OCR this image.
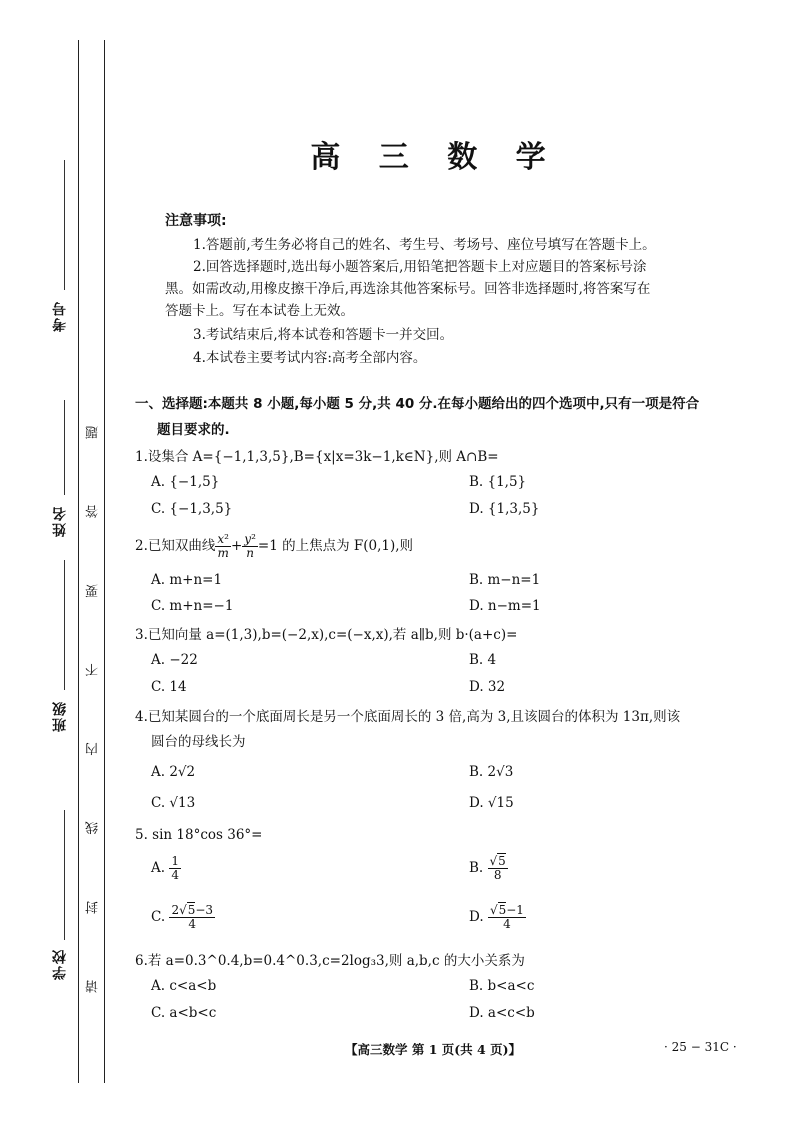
考号
姓名
班级
学校 请 封 线 内 不 要 答 题
高 三 数 学
注意事项:
1.答题前,考生务必将自己的姓名、考生号、考场号、座位号填写在答题卡上。
2.回答选择题时,选出每小题答案后,用铅笔把答题卡上对应题目的答案标号涂
黑。如需改动,用橡皮擦干净后,再选涂其他答案标号。回答非选择题时,将答案写在
答题卡上。写在本试卷上无效。
3.考试结束后,将本试卷和答题卡一并交回。
4.本试卷主要考试内容:高考全部内容。
一、选择题:本题共 8 小题,每小题 5 分,共 40 分.在每小题给出的四个选项中,只有一项是符合
题目要求的.
1.设集合 A={−1,1,3,5},B={x|x=3k−1,k∈N},则 A∩B=
A. {−1,5}	B. {1,5}
C. {−1,3,5}	D. {1,3,5}
2.已知双曲线 $\frac{\text{x²}}{m} + \frac{\text{y²}}{n} =1$ 的上焦点为 F(0,1),则
A. m+n=1	B. m−n=1
C. m+n=−1	D. n−m=1
3.已知向量 a=(1,3),b=(−2,x),c=(−x,x),若 a∥b,则 b·(a+c)=
A. −22	B. 4
C. 14	D. 32
4.已知某圆台的一个底面周长是另一个底面周长的 3 倍,高为 3,且该圆台的体积为 13π,则该
圆台的母线长为
A. 2√2	B. 2√3
C. √13	D. √15
5. sin 18°cos 36°=
A. $\frac{1}{4}$	B. $\frac{√5}{8}$
C. $\frac{2√5-3}{4}$	D. $\frac{√5-1}{4}$
6.若 a=0.3^0.4,b=0.4^0.3,c=2log₃3,则 a,b,c 的大小关系为
A. c<a<b	B. b<a<c
C. a<b<c	D. a<c<b
【高三数学 第 1 页(共 4 页)】	· 25 − 31C ·
